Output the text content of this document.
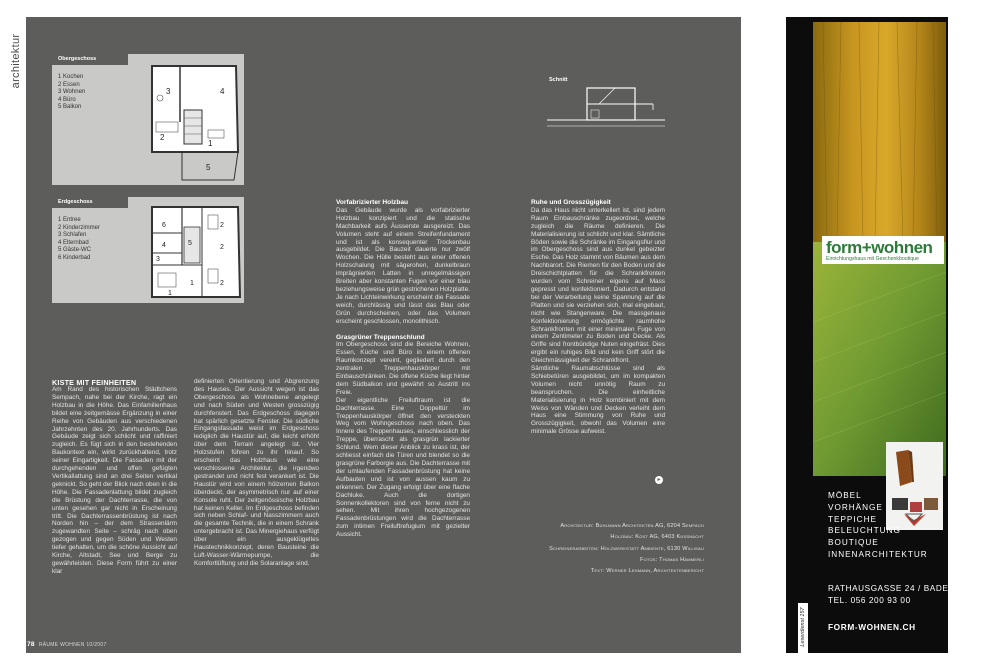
architektur	Obergeschoss
1 Kochen
2 Essen
3 Wohnen
4 Büro
5 Balkon
3	4
2
1
5
Erdgeschoss
1 Entree
2 Kinderzimmer
3 Schlafen
4 Elternbad
5 Gäste-WC
6 Kinderbad
6	2
5
4
3
2
1
1
2
Schnitt
KISTE MIT FEINHEITEN

Am Rand des historischen Städtchens Sempach, nahe bei der Kirche, ragt ein Holzbau in die Höhe. Das Einfamilienhaus bildet eine zeitgemässe Ergänzung in einer Reihe von Gebäuden aus verschiedenen Jahrzehnten des 20. Jahrhunderts. Das Gebäude zeigt sich schlicht und raffiniert zugleich. Es fügt sich in den bestehenden Baukontext ein, wirkt zurückhaltend, trotz seiner Eingartigkeit. Die Fassaden mit der durchgehenden und offen gefügten Vertikallattung sind an drei Seiten vertikal geknickt. So geht der Blick nach oben in die Höhe. Die Fassadenlattung bildet zugleich die Brüstung der Dachterrasse, die von unten gesehen gar nicht in Erscheinung tritt. Die Dachterrassenbrüstung ist nach Norden hin – der dem Strassenlärm zugewandten Seite – schräg nach oben gezogen und gegen Süden und Westen tiefer gehalten, um die schöne Aussicht auf Kirche, Altstadt, See und Berge zu gewährleisten. Diese Form führt zu einer klar

definierten Orientierung und Abgrenzung des Hauses. Der Aussicht wegen ist das Obergeschoss als Wohnebene angelegt und nach Süden und Westen grosszügig durchfenstert. Das Erdgeschoss dagegen hat spärlich gesetzte Fenster. Die südliche Eingangsfassade weist im Erdgeschoss lediglich die Haustür auf, die leicht erhöht über dem Terrain angelegt ist. Vier Holzstufen führen zu ihr hinauf. So erscheint das Holzhaus wie eine verschlossene Architektur, die irgendwo gestrandet und nicht fest verankert ist. Die Haustür wird von einem hölzernen Balkon überdeckt, der asymmetrisch nur auf einer Konsole ruht. Der zeitgenössische Holzbau hat keinen Keller. Im Erdgeschoss befinden sich neben Schlaf- und Nasszimmern auch die gesamte Technik, die in einem Schrank untergebracht ist. Das Minergiehaus verfügt über ein ausgeklügeltes Haustechnikkonzept, deren Bausteine die Luft-Wasser-Wärmepumpe, die Komfortlüftung und die Solaranlage sind.

Vorfabrizierter Holzbau

Das Gebäude wurde als vorfabrizierter Holzbau konzipiert und die statische Machbarkeit aufs Äusserste ausgereizt. Das Volumen steht auf einem Streifenfundament und ist als konsequenter Trockenbau ausgebildet. Die Bauzeit dauerte nur zwölf Wochen. Die Hülle besteht aus einer offenen Holzschalung mit sägerohen, dunkelbraun imprägnierten Latten in unregelmässigen Breiten aber konstanten Fugen vor einer blau beziehungsweise grün gestrichenen Holzplatte. Je nach Lichteinwirkung erscheint die Fassade weich, durchlässig und lässt das Blau oder Grün durchscheinen, oder das Volumen erscheint geschlossen, monolithisch.

Grasgrüner Treppenschlund

Im Obergeschoss sind die Bereiche Wohnen, Essen, Küche und Büro in einem offenen Raumkonzept vereint, gegliedert durch den zentralen Treppenhauskörper mit Einbauschränken. Die offene Küche liegt hinter dem Südbalkon und gewährt so Austritt ins Freie.

Der eigentliche Freiluftraum ist die Dachterrasse. Eine Doppeltür im Treppenhauskörper öffnet den versteckten Weg vom Wohngeschoss nach oben. Das Innere des Treppenhauses, einschliesslich der Treppe, überrascht als grasgrün lackierter Schlund. Wem dieser Anblick zu krass ist, der schliesst einfach die Türen und blendet so die grasgrüne Farborgie aus. Die Dachterrasse mit der umlaufenden Fassadenbrüstung hat keine Aufbauten und ist von aussen kaum zu erkennen. Der Zugang erfolgt über eine flache Dachluke. Auch die dortigen Sonnenkollektoren sind von ferne nicht zu sehen. Mit ihren hochgezogenen Fassadenbrüstungen wird die Dachterrasse zum intimen Freiluftrefugium mit gezielter Aussicht.

Ruhe und Grosszügigkeit

Da das Haus nicht unterkellert ist, sind jedem Raum Einbauschränke zugeordnet, welche zugleich die Räume definieren. Die Materialisierung ist schlicht und klar. Sämtliche Böden sowie die Schränke im Eingangsflur und im Obergeschoss sind aus dunkel gebeizter Esche. Das Holz stammt von Bäumen aus dem Nachbarort. Die Riemen für den Boden und die Dreischichtplatten für die Schrankfronten wurden vom Schreiner eigens auf Mass gepresst und konfektioniert. Dadurch entstand bei der Verarbeitung keine Spannung auf die Platten und sie verziehen sich, mal eingebaut, nicht wie Stangenware. Die massgenaue Konfektionierung ermöglichte raumhohe Schrankfronten mit einer minimalen Fuge von einem Zentimeter zu Boden und Decke. Als Griffe sind frontbündige Nuten eingefräst. Dies ergibt ein ruhiges Bild und kein Griff stört die Gleichmässigkeit der Schrankfront.

Sämtliche Raumabschlüsse sind als Schiebetüren ausgebildet, um im kompakten Volumen nicht unnötig Raum zu beanspruchen. Die einheitliche Materialisierung in Holz kombiniert mit dem Weiss von Wänden und Decken verleiht dem Haus eine Stimmung von Ruhe und Grosszügigkeit, obwohl das Volumen eine minimale Grösse aufweist.

▸
Architektur: Bühlmann Architekten AG, 6204 Sempach
Holzbau: Kost AG, 6403 Küssnacht
Schreinerarbeiten: Holzwerkstatt Ambiente, 6130 Willisau
Fotos: Thomas Hämmerli
Text: Werner Lehmann, Architektenbericht
78 RÄUME WOHNEN 10/2007
form+wohnen
Einrichtungshaus mit Geschenkboutique
MÖBEL
VORHÄNGE
TEPPICHE
BELEUCHTUNG
BOUTIQUE
INNENARCHITEKTUR
RATHAUSGASSE 24 / BADEN
TEL. 056 200 93 00
FORM-WOHNEN.CH
Leserdienst 157
